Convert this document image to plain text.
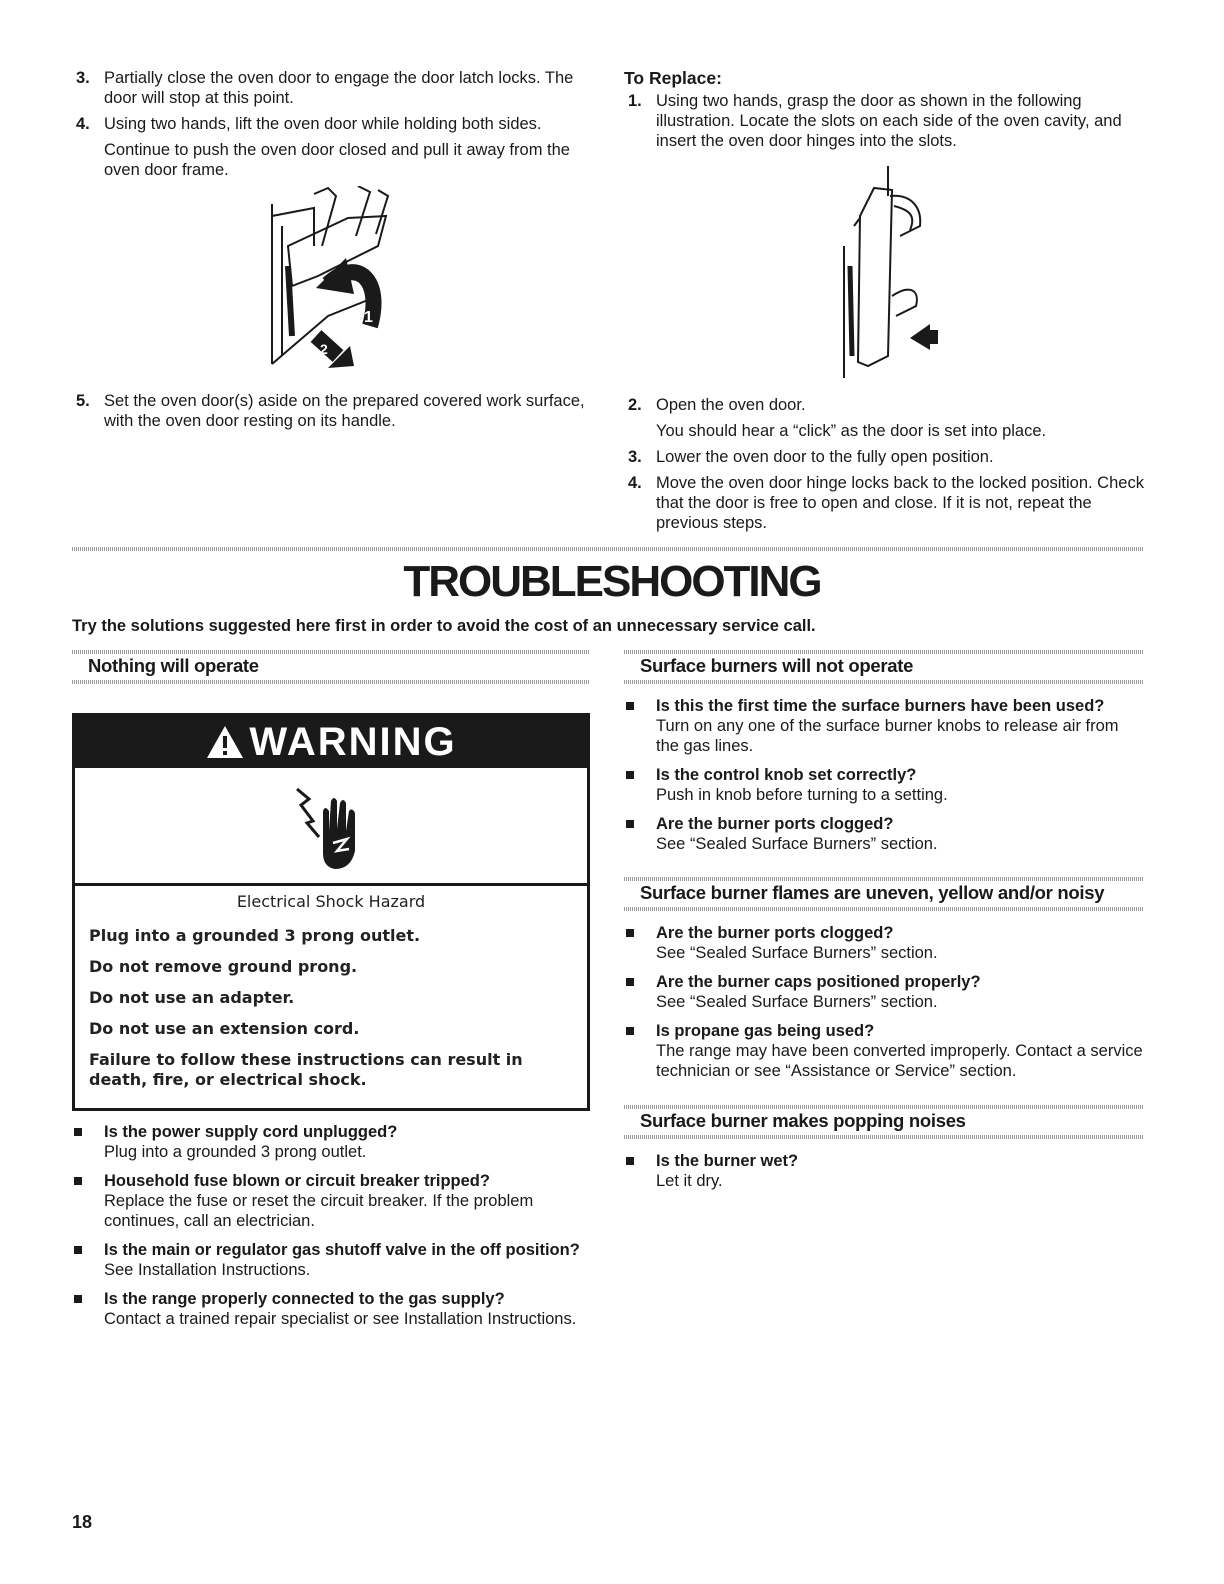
3. Partially close the oven door to engage the door latch locks. The door will stop at this point.

4. Using two hands, lift the oven door while holding both sides.

Continue to push the oven door closed and pull it away from the oven door frame.

1
2
5. Set the oven door(s) aside on the prepared covered work surface, with the oven door resting on its handle.

To Replace:
1. Using two hands, grasp the door as shown in the following illustration. Locate the slots on each side of the oven cavity, and insert the oven door hinges into the slots.

2. Open the oven door.

You should hear a “click” as the door is set into place.

3. Lower the oven door to the fully open position.

4. Move the oven door hinge locks back to the locked position. Check that the door is free to open and close. If it is not, repeat the previous steps.

TROUBLESHOOTING
Try the solutions suggested here first in order to avoid the cost of an unnecessary service call.
Nothing will operate
WARNING

Electrical Shock Hazard

Plug into a grounded 3 prong outlet.

Do not remove ground prong.

Do not use an adapter.

Do not use an extension cord.

Failure to follow these instructions can result in death, fire, or electrical shock.

Is the power supply cord unplugged?
Plug into a grounded 3 prong outlet.
Household fuse blown or circuit breaker tripped?
Replace the fuse or reset the circuit breaker. If the problem continues, call an electrician.
Is the main or regulator gas shutoff valve in the off position?
See Installation Instructions.
Is the range properly connected to the gas supply?
Contact a trained repair specialist or see Installation Instructions.
Surface burners will not operate
Is this the first time the surface burners have been used?
Turn on any one of the surface burner knobs to release air from the gas lines.
Is the control knob set correctly?
Push in knob before turning to a setting.
Are the burner ports clogged?
See “Sealed Surface Burners” section.
Surface burner flames are uneven, yellow and/or noisy
Are the burner ports clogged?
See “Sealed Surface Burners” section.
Are the burner caps positioned properly?
See “Sealed Surface Burners” section.
Is propane gas being used?
The range may have been converted improperly. Contact a service technician or see “Assistance or Service” section.
Surface burner makes popping noises
Is the burner wet?
Let it dry.
18
